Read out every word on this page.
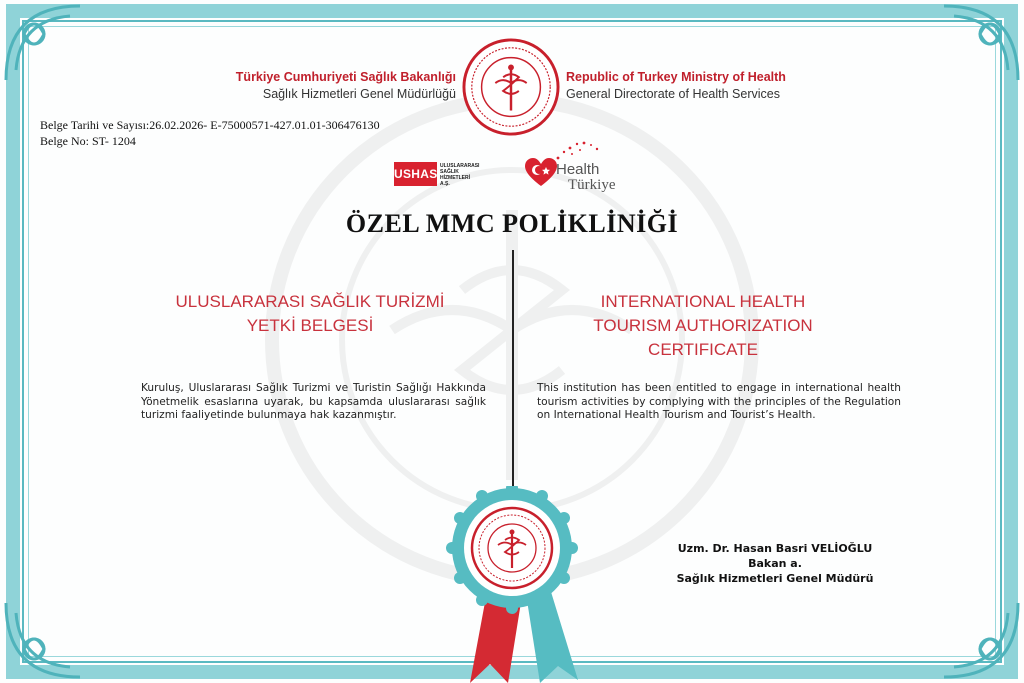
Türkiye Cumhuriyeti Sağlık Bakanlığı
Sağlık Hizmetleri Genel Müdürlüğü
Republic of Turkey Ministry of Health
General Directorate of Health Services
Belge Tarihi ve Sayısı:26.02.2026- E-75000571-427.01.01-306476130
Belge No: ST- 1204
USHAS
ULUSLARARASI SAĞLIK HİZMETLERİ A.Ş.
Health
Türkiye
ÖZEL MMC POLİKLİNİĞİ
ULUSLARARASI SAĞLIK TURİZMİ
YETKİ BELGESİ
INTERNATIONAL HEALTH
TOURISM AUTHORIZATION
CERTIFICATE
Kuruluş, Uluslararası Sağlık Turizmi ve Turistin Sağlığı Hakkında Yönetmelik esaslarına uyarak, bu kapsamda uluslararası sağlık turizmi faaliyetinde bulunmaya hak kazanmıştır.
This institution has been entitled to engage in international health tourism activities by complying with the principles of the Regulation on International Health Tourism and Tourist’s Health.
Uzm. Dr. Hasan Basri VELİOĞLU
Bakan a.
Sağlık Hizmetleri Genel Müdürü
